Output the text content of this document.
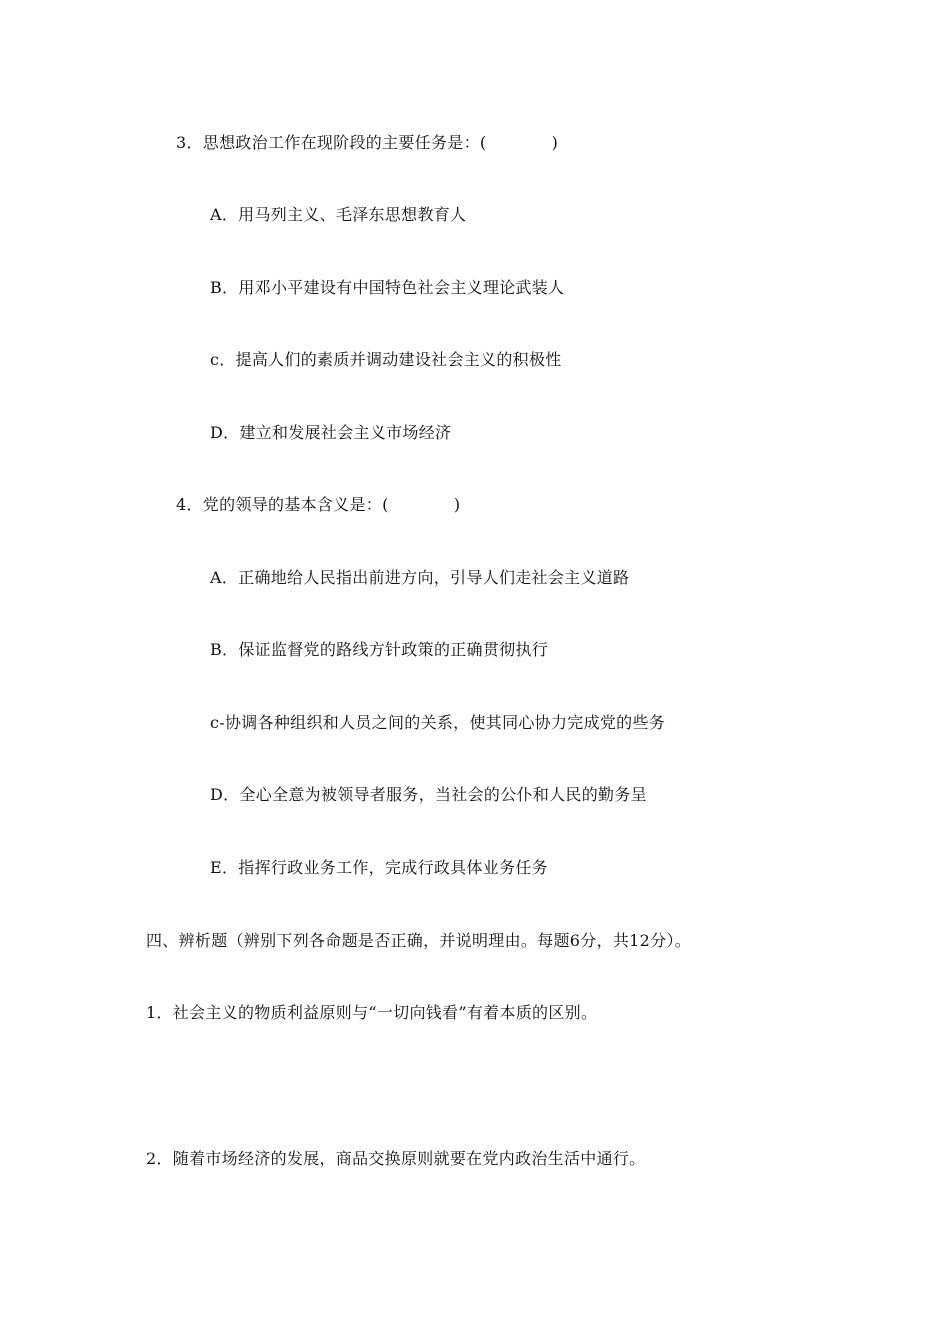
3．思想政治工作在现阶段的主要任务是：(　　　　)
A．用马列主义、毛泽东思想教育人
B．用邓小平建设有中国特色社会主义理论武装人
c．提高人们的素质并调动建设社会主义的积极性
D．建立和发展社会主义市场经济
4．党的领导的基本含义是：(　　　　)
A．正确地给人民指出前进方向，引导人们走社会主义道路
B．保证监督党的路线方针政策的正确贯彻执行
c-协调各种组织和人员之间的关系，使其同心协力完成党的些务
D．全心全意为被领导者服务，当社会的公仆和人民的勤务呈
E．指挥行政业务工作，完成行政具体业务任务
四、辨析题（辨别下列各命题是否正确，并说明理由。每题6分，共12分）。
1．社会主义的物质利益原则与“一切向钱看”有着本质的区别。
2．随着市场经济的发展，商品交换原则就要在党内政治生活中通行。
